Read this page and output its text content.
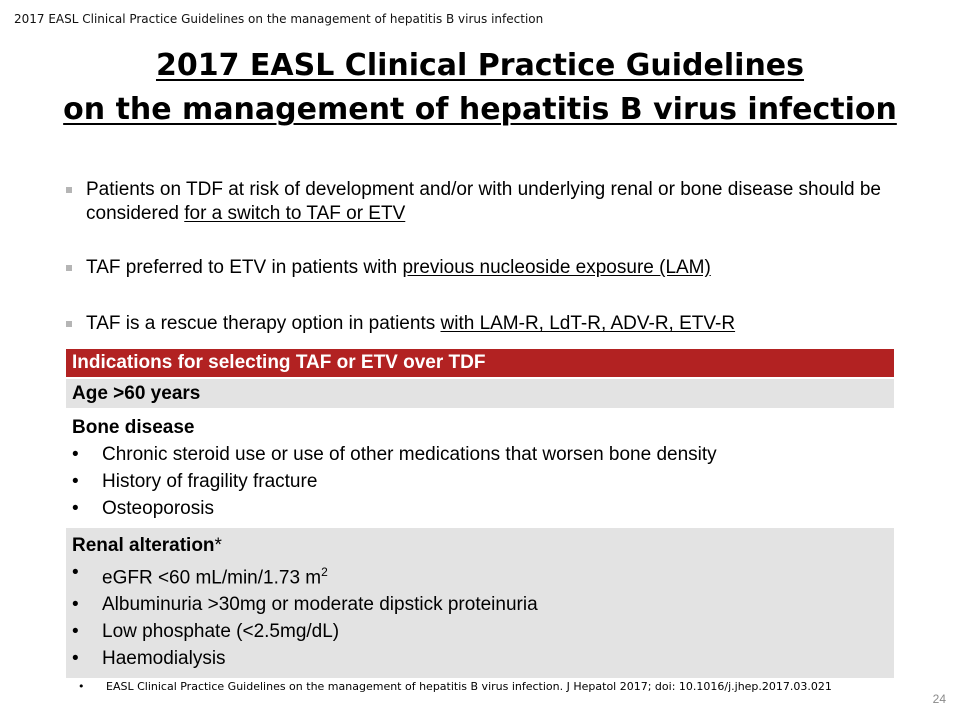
2017 EASL Clinical Practice Guidelines on the management of hepatitis B virus infection
2017 EASL Clinical Practice Guidelines
on the management of hepatitis B virus infection
Patients on TDF at risk of development and/or with underlying renal or bone disease should be considered for a switch to TAF or ETV
TAF preferred to ETV in patients with previous nucleoside exposure (LAM)
TAF is a rescue therapy option in patients with LAM-R, LdT-R, ADV-R, ETV-R
Indications for selecting TAF or ETV over TDF
Age >60 years
Bone disease
• Chronic steroid use or use of other medications that worsen bone density
• History of fragility fracture
• Osteoporosis
Renal alteration*
• eGFR <60 mL/min/1.73 $m^2$
• Albuminuria >30mg or moderate dipstick proteinuria
• Low phosphate (<2.5mg/dL)
• Haemodialysis
• EASL Clinical Practice Guidelines on the management of hepatitis B virus infection. J Hepatol 2017; doi: 10.1016/j.jhep.2017.03.021
24
